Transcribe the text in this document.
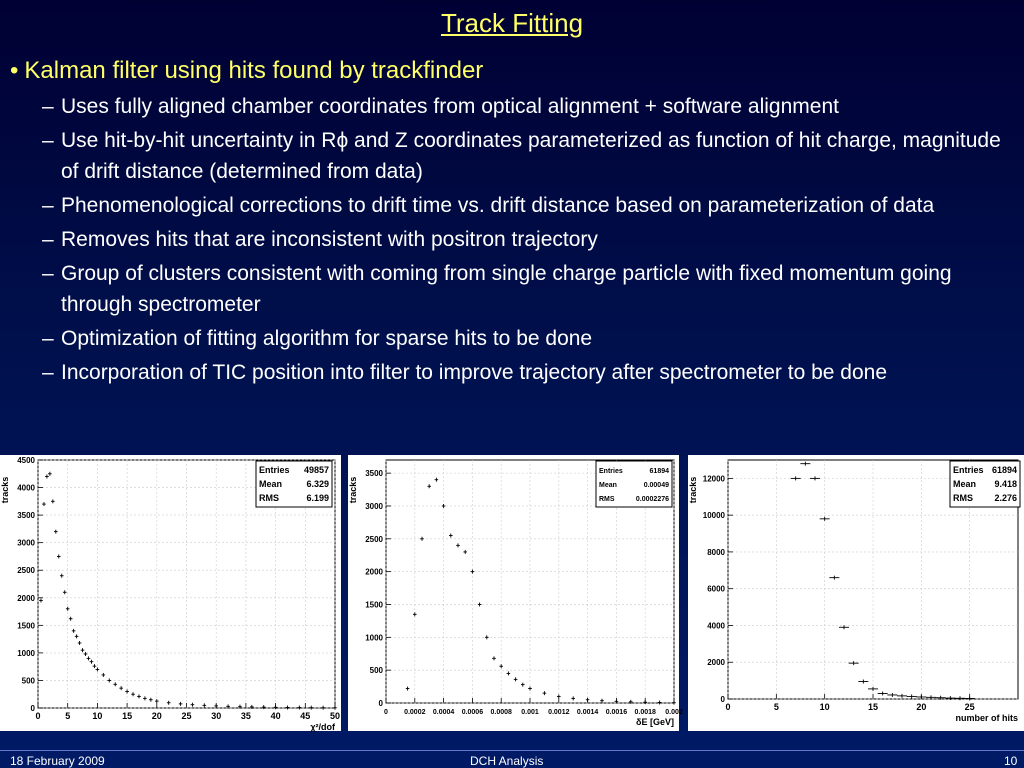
Track Fitting
• Kalman filter using hits found by trackfinder
– Uses fully aligned chamber coordinates from optical alignment + software alignment
– Use hit-by-hit uncertainty in Rϕ and Z coordinates parameterized as function of hit charge, magnitude of drift distance (determined from data)
– Phenomenological corrections to drift time vs. drift distance based on parameterization of data
– Removes hits that are inconsistent with positron trajectory
– Group of clusters consistent with coming from single charge particle with fixed momentum going through spectrometer
– Optimization of fitting algorithm for sparse hits to be done
– Incorporation of TIC position into filter to improve trajectory after spectrometer to be done
0	5 10 15 20 25 30 35 40 45 50
0
500
1000
1500
2000
2500
3000
3500
4000
4500
tracks
χ²/dof
Entries 49857
Mean	6.329
RMS	6.199
0 0.0002 0.0004 0.0006 0.0008 0.001 0.0012 0.0014 0.0016 0.0018 0.002
0
500
1000
1500
2000
2500
3000
3500
tracks
δE [GeV]
Entries	61894
Mean	0.00049
RMS	0.0002276
0	5	10	15	20	25
0
2000
4000
6000
8000
10000
12000
tracks
number of hits
Entries 61894
Mean 9.418
RMS 2.276
18 February 2009	DCH Analysis	10
